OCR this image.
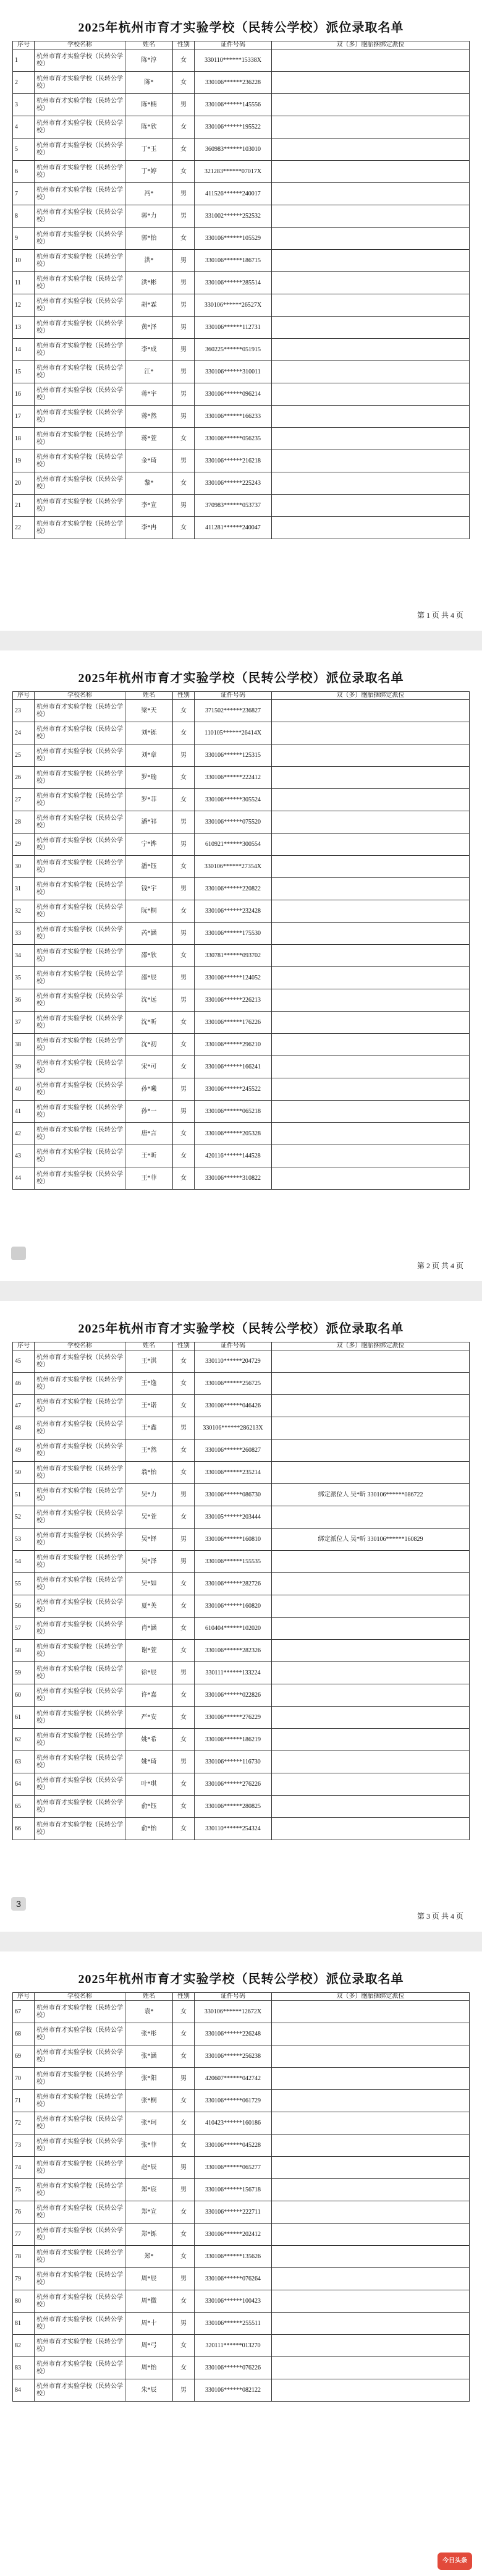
2025年杭州市育才实验学校（民转公学校）派位录取名单
序号	学校名称	姓名	性别	证件号码	双（多）胞胎捆绑定派位
1	杭州市育才实验学校（民转公学校）	陈*淳	女	330110******15338X	
2	杭州市育才实验学校（民转公学校）	陈*	女	330106******236228	
3	杭州市育才实验学校（民转公学校）	陈*楠	男	330106******145556	
4	杭州市育才实验学校（民转公学校）	陈*欣	女	330106******195522	
5	杭州市育才实验学校（民转公学校）	丁*玉	女	360983******103010	
6	杭州市育才实验学校（民转公学校）	丁*婷	女	321283******07017X	
7	杭州市育才实验学校（民转公学校）	冯*	男	411526******240017	
8	杭州市育才实验学校（民转公学校）	郭*力	男	331002******252532	
9	杭州市育才实验学校（民转公学校）	郭*怡	女	330106******105529	
10	杭州市育才实验学校（民转公学校）	洪*	男	330106******186715	
11	杭州市育才实验学校（民转公学校）	洪*彬	男	330106******285514	
12	杭州市育才实验学校（民转公学校）	胡*霖	男	330106******26527X	
13	杭州市育才实验学校（民转公学校）	黄*泽	男	330106******112731	
14	杭州市育才实验学校（民转公学校）	李*成	男	360225******051915	
15	杭州市育才实验学校（民转公学校）	江*	男	330106******310011	
16	杭州市育才实验学校（民转公学校）	蒋*宇	男	330106******096214	
17	杭州市育才实验学校（民转公学校）	蒋*然	男	330106******166233	
18	杭州市育才实验学校（民转公学校）	蒋*萱	女	330106******056235	
19	杭州市育才实验学校（民转公学校）	金*琦	男	330106******216218	
20	杭州市育才实验学校（民转公学校）	黎*	女	330106******225243	
21	杭州市育才实验学校（民转公学校）	李*宣	男	370983******053737	
22	杭州市育才实验学校（民转公学校）	李*冉	女	411281******240047	
第 1 页 共 4 页
2025年杭州市育才实验学校（民转公学校）派位录取名单
序号	学校名称	姓名	性别	证件号码	双（多）胞胎捆绑定派位
23	杭州市育才实验学校（民转公学校）	梁*天	女	371502******236827	
24	杭州市育才实验学校（民转公学校）	刘*铄	女	110105******26414X	
25	杭州市育才实验学校（民转公学校）	刘*章	男	330106******125315	
26	杭州市育才实验学校（民转公学校）	罗*瑜	女	330106******222412	
27	杭州市育才实验学校（民转公学校）	罗*菲	女	330106******305524	
28	杭州市育才实验学校（民转公学校）	潘*祁	男	330106******075520	
29	杭州市育才实验学校（民转公学校）	宁*铧	男	610921******300554	
30	杭州市育才实验学校（民转公学校）	潘*钰	女	330106******27354X	
31	杭州市育才实验学校（民转公学校）	钱*宇	男	330106******220822	
32	杭州市育才实验学校（民转公学校）	阮*桐	女	330106******232428	
33	杭州市育才实验学校（民转公学校）	芮*涵	男	330106******175530	
34	杭州市育才实验学校（民转公学校）	邵*欣	女	330781******093702	
35	杭州市育才实验学校（民转公学校）	邵*辰	男	330106******124052	
36	杭州市育才实验学校（民转公学校）	沈*远	男	330106******226213	
37	杭州市育才实验学校（民转公学校）	沈*昕	女	330106******176226	
38	杭州市育才实验学校（民转公学校）	沈*初	女	330106******296210	
39	杭州市育才实验学校（民转公学校）	宋*可	女	330106******166241	
40	杭州市育才实验学校（民转公学校）	孙*曦	男	330106******245522	
41	杭州市育才实验学校（民转公学校）	孙*一	男	330106******065218	
42	杭州市育才实验学校（民转公学校）	唐*言	女	330106******205328	
43	杭州市育才实验学校（民转公学校）	王*昕	女	420116******144528	
44	杭州市育才实验学校（民转公学校）	王*菲	女	330106******310822	
第 2 页 共 4 页
2025年杭州市育才实验学校（民转公学校）派位录取名单
序号	学校名称	姓名	性别	证件号码	双（多）胞胎捆绑定派位
45	杭州市育才实验学校（民转公学校）	王*淇	女	330110******204729	
46	杭州市育才实验学校（民转公学校）	王*逸	女	330106******256725	
47	杭州市育才实验学校（民转公学校）	王*诺	女	330106******046426	
48	杭州市育才实验学校（民转公学校）	王*鑫	男	330106******286213X	
49	杭州市育才实验学校（民转公学校）	王*然	女	330106******260827	
50	杭州市育才实验学校（民转公学校）	翁*怡	女	330106******235214	
51	杭州市育才实验学校（民转公学校）	吴*力	男	330106******086730	绑定派位人 吴*昕 330106******086722
52	杭州市育才实验学校（民转公学校）	吴*萱	女	330105******203444	
53	杭州市育才实验学校（民转公学校）	吴*铎	男	330106******160810	绑定派位人 吴*昕 330106******160829
54	杭州市育才实验学校（民转公学校）	吴*泽	男	330106******155535	
55	杭州市育才实验学校（民转公学校）	吴*如	女	330106******282726	
56	杭州市育才实验学校（民转公学校）	夏*芙	女	330106******160820	
57	杭州市育才实验学校（民转公学校）	肖*涵	女	610404******102020	
58	杭州市育才实验学校（民转公学校）	谢*萱	女	330106******282326	
59	杭州市育才实验学校（民转公学校）	徐*辰	男	330111******133224	
60	杭州市育才实验学校（民转公学校）	许*嘉	女	330106******022826	
61	杭州市育才实验学校（民转公学校）	严*安	女	330106******276229	
62	杭州市育才实验学校（民转公学校）	姚*希	女	330106******186219	
63	杭州市育才实验学校（民转公学校）	姚*琦	男	330106******116730	
64	杭州市育才实验学校（民转公学校）	叶*琪	女	330106******276226	
65	杭州市育才实验学校（民转公学校）	俞*钰	女	330106******280825	
66	杭州市育才实验学校（民转公学校）	俞*怡	女	330110******254324	
3
第 3 页 共 4 页
2025年杭州市育才实验学校（民转公学校）派位录取名单
序号	学校名称	姓名	性别	证件号码	双（多）胞胎捆绑定派位
67	杭州市育才实验学校（民转公学校）	袁*	女	330106******12672X	
68	杭州市育才实验学校（民转公学校）	张*彤	女	330106******226248	
69	杭州市育才实验学校（民转公学校）	张*涵	女	330106******256238	
70	杭州市育才实验学校（民转公学校）	张*阳	男	420607******042742	
71	杭州市育才实验学校（民转公学校）	张*桐	女	330106******061729	
72	杭州市育才实验学校（民转公学校）	张*珂	女	410423******160186	
73	杭州市育才实验学校（民转公学校）	张*菲	女	330106******045228	
74	杭州市育才实验学校（民转公学校）	赵*辰	男	330106******065277	
75	杭州市育才实验学校（民转公学校）	郑*宸	男	330106******156718	
76	杭州市育才实验学校（民转公学校）	郑*宣	女	330106******222711	
77	杭州市育才实验学校（民转公学校）	郑*铄	女	330106******202412	
78	杭州市育才实验学校（民转公学校）	郑*	女	330106******135626	
79	杭州市育才实验学校（民转公学校）	周*辰	男	330106******076264	
80	杭州市育才实验学校（民转公学校）	周*微	女	330106******100423	
81	杭州市育才实验学校（民转公学校）	周*十	男	330106******255511	
82	杭州市育才实验学校（民转公学校）	周*弓	女	320111******013270	
83	杭州市育才实验学校（民转公学校）	周*怡	女	330106******076226	
84	杭州市育才实验学校（民转公学校）	朱*辰	男	330106******082122	
今日头条
